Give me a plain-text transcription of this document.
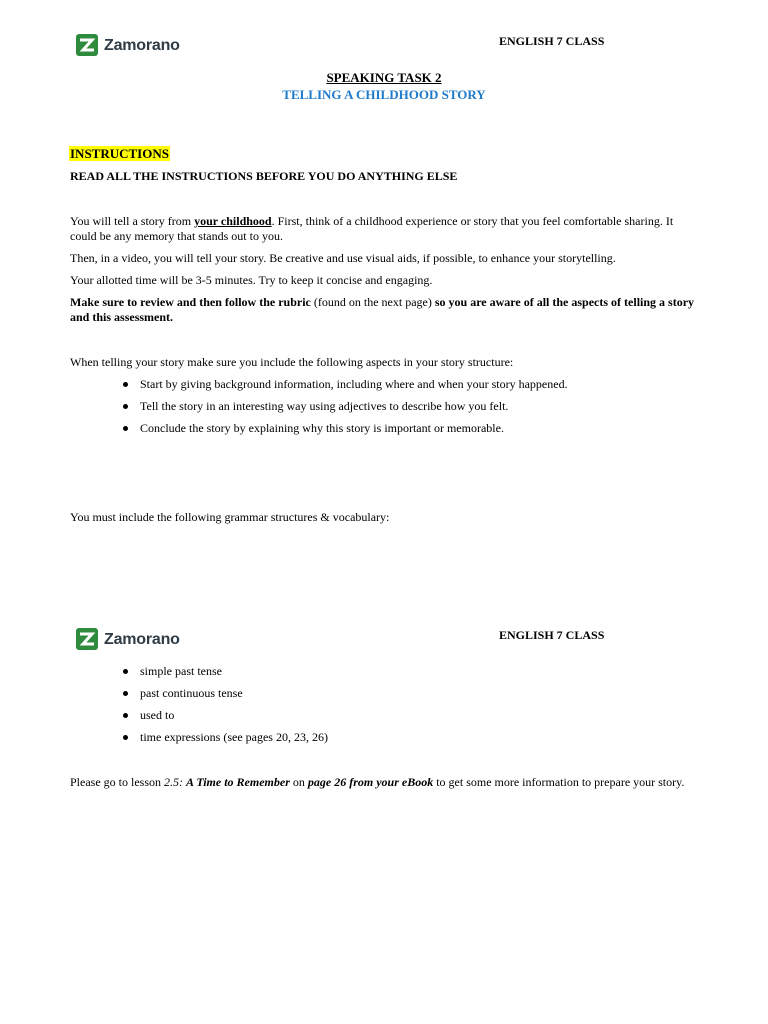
Zamorano	ENGLISH 7 CLASS
SPEAKING TASK 2
TELLING A CHILDHOOD STORY
INSTRUCTIONS
READ ALL THE INSTRUCTIONS BEFORE YOU DO ANYTHING ELSE
You will tell a story from your childhood. First, think of a childhood experience or story that you feel comfortable sharing. It could be any memory that stands out to you.
Then, in a video, you will tell your story. Be creative and use visual aids, if possible, to enhance your storytelling.
Your allotted time will be 3-5 minutes. Try to keep it concise and engaging.
Make sure to review and then follow the rubric (found on the next page) so you are aware of all the aspects of telling a story and this assessment.
When telling your story make sure you include the following aspects in your story structure:
Start by giving background information, including where and when your story happened.
Tell the story in an interesting way using adjectives to describe how you felt.
Conclude the story by explaining why this story is important or memorable.
You must include the following grammar structures & vocabulary:
Zamorano	ENGLISH 7 CLASS
simple past tense
past continuous tense
used to
time expressions (see pages 20, 23, 26)
Please go to lesson 2.5: A Time to Remember on page 26 from your eBook to get some more information to prepare your story.
